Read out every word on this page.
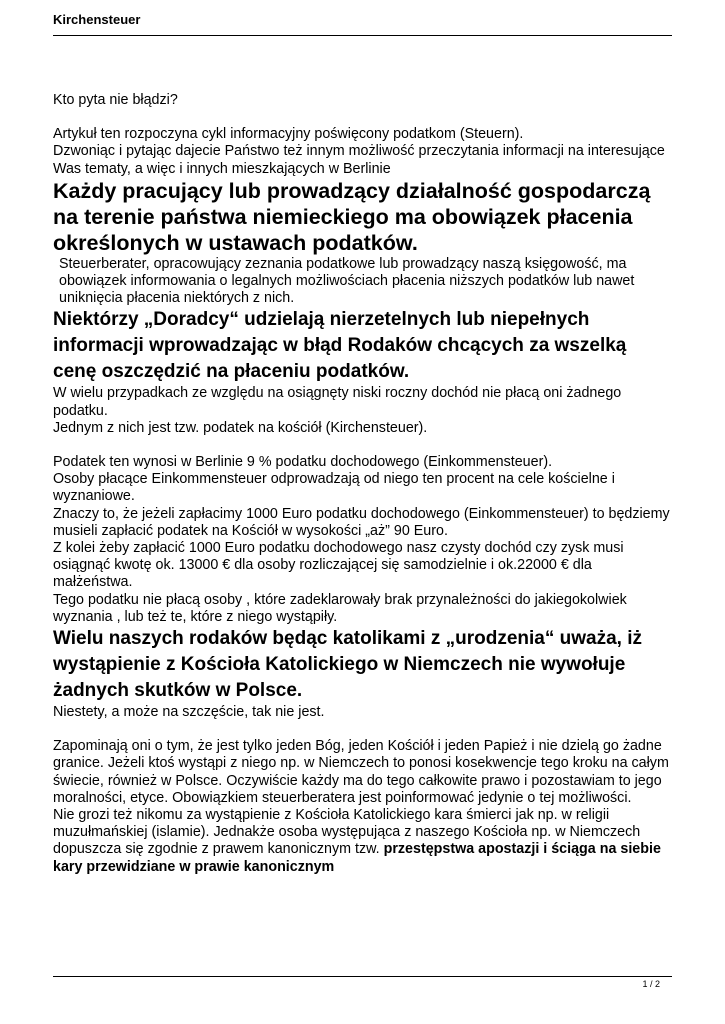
Kirchensteuer

Kto pyta nie błądzi?

Artykuł ten rozpoczyna cykl informacyjny poświęcony podatkom (Steuern).

Dzwoniąc i pytając dajecie Państwo też innym możliwość przeczytania informacji na interesujące Was tematy, a więc i innych mieszkających w Berlinie

Każdy pracujący lub prowadzący działalność gospodarczą na terenie państwa niemieckiego ma obowiązek płacenia określonych w ustawach podatków.

Steuerberater, opracowujący zeznania podatkowe lub prowadzący naszą księgowość, ma obowiązek informowania o legalnych możliwościach płacenia niższych podatków lub nawet uniknięcia płacenia niektórych z nich.

Niektórzy „Doradcy“ udzielają nierzetelnych lub niepełnych informacji wprowadzając w błąd Rodaków chcących za wszelką cenę oszczędzić na płaceniu podatków.

W wielu przypadkach ze względu na osiągnęty niski roczny dochód nie płacą oni żadnego podatku.

Jednym z nich jest tzw. podatek na kościół (Kirchensteuer).

Podatek ten wynosi w Berlinie 9 % podatku dochodowego (Einkommensteuer).

Osoby płacące Einkommensteuer odprowadzają od niego ten procent na cele kościelne i wyznaniowe.

Znaczy to, że jeżeli zapłacimy 1000 Euro podatku dochodowego (Einkommensteuer) to będziemy musieli zapłacić podatek na Kościół w wysokości „aż” 90 Euro.

Z kolei żeby zapłacić 1000 Euro podatku dochodowego nasz czysty dochód czy zysk musi osiągnąć kwotę ok. 13000 € dla osoby rozliczającej się samodzielnie i ok.22000 € dla małżeństwa.

Tego podatku nie płacą osoby , które zadeklarowały brak przynależności do jakiegokolwiek wyznania , lub też te, które z niego wystąpiły.

Wielu naszych rodaków będąc katolikami z „urodzenia“ uważa, iż wystąpienie z Kościoła Katolickiego w Niemczech nie wywołuje żadnych skutków w Polsce.

Niestety, a może na szczęście, tak nie jest.

Zapominają oni o tym, że jest tylko jeden Bóg, jeden Kościół i jeden Papież i nie dzielą go żadne granice. Jeżeli ktoś wystąpi z niego np. w Niemczech to ponosi kosekwencje tego kroku na całym świecie, również w Polsce. Oczywiście każdy ma do tego całkowite prawo i pozostawiam to jego moralności, etyce. Obowiązkiem steuerberatera jest poinformować jedynie o tej możliwości.

Nie grozi też nikomu za wystąpienie z Kościoła Katolickiego kara śmierci jak np. w religii muzułmańskiej (islamie). Jednakże osoba występująca z naszego Kościoła np. w Niemczech dopuszcza się zgodnie z prawem kanonicznym tzw. przestępstwa apostazji i ściąga na siebie kary przewidziane w prawie kanonicznym

1 / 2
